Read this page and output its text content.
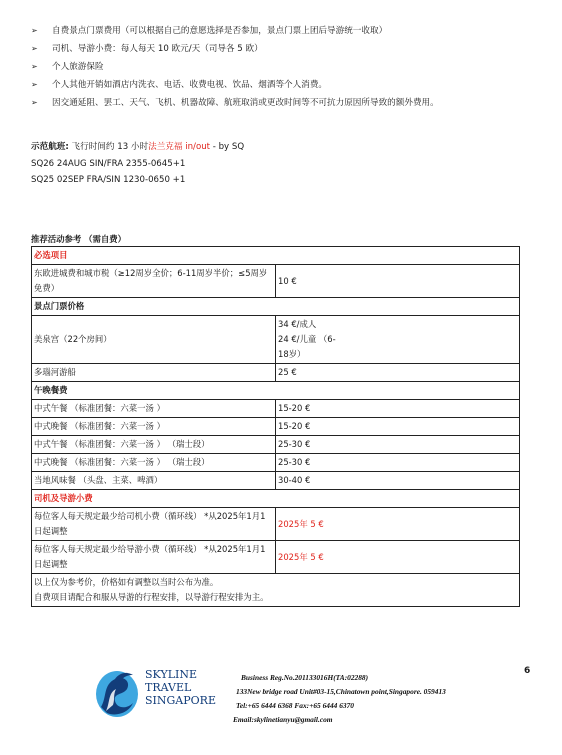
➢ 自费景点门票费用（可以根据自己的意愿选择是否参加，景点门票上团后导游统一收取）
➢ 司机、导游小费：每人每天 10 欧元/天（司导各 5 欧）
➢ 个人旅游保险
➢ 个人其他开销如酒店内洗衣、电话、收费电视、饮品、烟酒等个人消费。
➢ 因交通延阻、罢工、天气、飞机、机器故障、航班取消或更改时间等不可抗力原因所导致的额外费用。
示范航班: 飞行时间约 13 小时法兰克福 in/out - by SQ
SQ26 24AUG SIN/FRA 2355-0645+1
SQ25 02SEP FRA/SIN 1230-0650 +1
推荐活动参考 （需自费）
必选项目	
东欧进城费和城市税（≥12周岁全价；6-11周岁半价；≤5周岁免费）	10 €
景点门票价格	
美泉宫（22个房间）	34 €/成人
24 €/儿童 （6-
18岁）

多瑙河游船	25 €
午晚餐费	
中式午餐 （标准团餐：六菜一汤 ）	15-20 €
中式晚餐 （标准团餐：六菜一汤 ）	15-20 €
中式午餐 （标准团餐：六菜一汤 ） （瑞士段）	25-30 €
中式晚餐 （标准团餐：六菜一汤 ） （瑞士段）	25-30 €
当地风味餐 （头盘、主菜、啤酒）	30-40 €
司机及导游小费	
每位客人每天规定最少给司机小费（循环线） *从2025年1月1日起调整	2025年 5 €
每位客人每天规定最少给导游小费（循环线） *从2025年1月1日起调整	2025年 5 €

以上仅为参考价，价格如有调整以当时公布为准。
自费项目请配合和服从导游的行程安排，以导游行程安排为主。	
6
SKYLINE
TRAVEL
SINGAPORE
Business Reg.No.201133016H(TA:02288)
133New bridge road Unit#03-15,Chinatown point,Singapore. 059413
Tel:+65 6444 6368 Fax:+65 6444 6370
Email:skylinetianyu@gmail.com
